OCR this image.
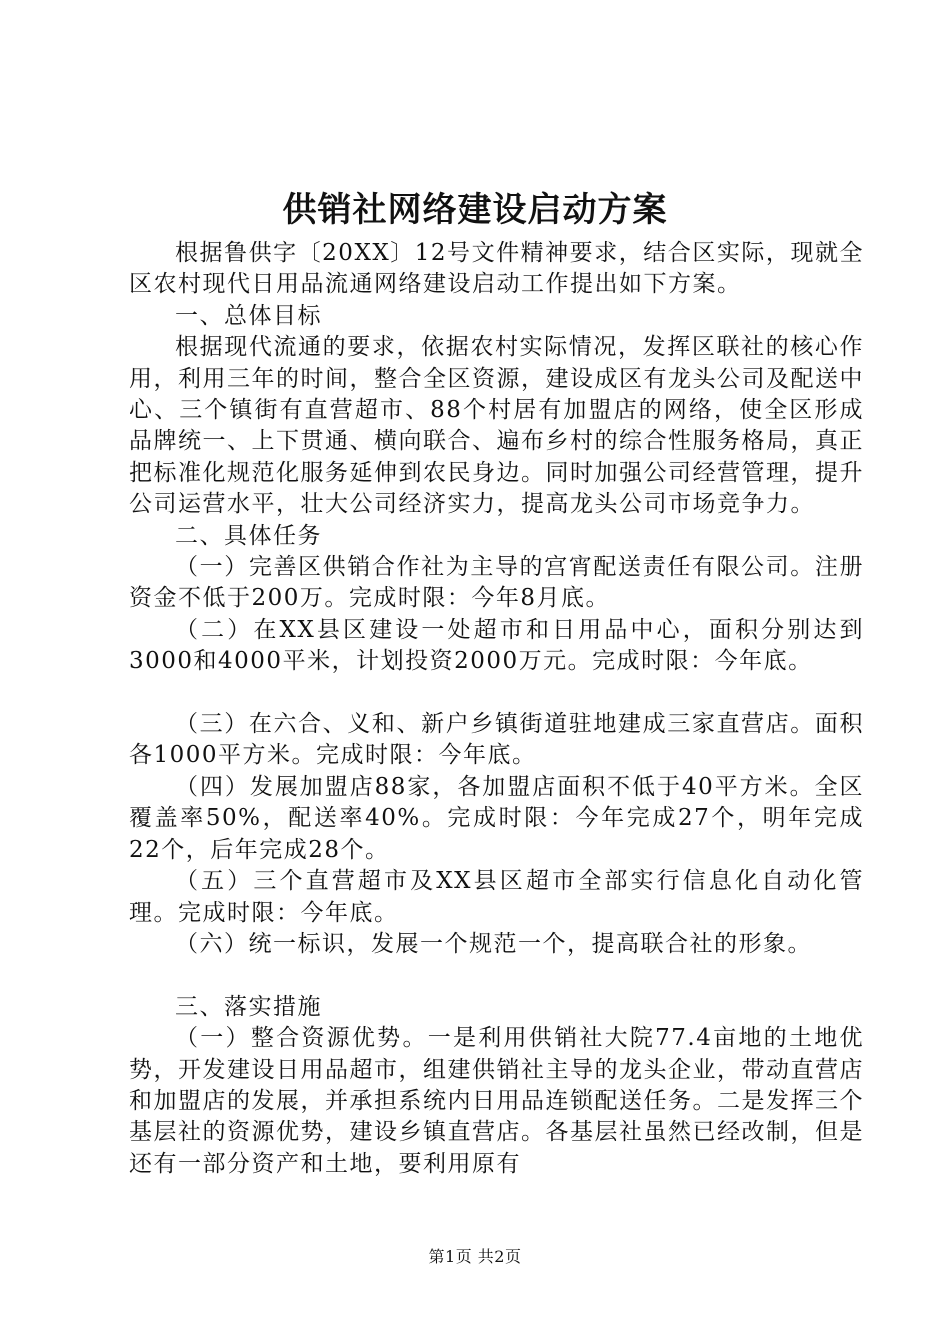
供销社网络建设启动方案

根据鲁供字〔20XX〕12号文件精神要求，结合区实际，现就全区农村现代日用品流通网络建设启动工作提出如下方案。

一、总体目标

根据现代流通的要求，依据农村实际情况，发挥区联社的核心作用，利用三年的时间，整合全区资源，建设成区有龙头公司及配送中心、三个镇街有直营超市、88个村居有加盟店的网络，使全区形成品牌统一、上下贯通、横向联合、遍布乡村的综合性服务格局，真正把标准化规范化服务延伸到农民身边。同时加强公司经营管理，提升公司运营水平，壮大公司经济实力，提高龙头公司市场竞争力。

二、具体任务

（一）完善区供销合作社为主导的宫宵配送责任有限公司。注册资金不低于200万。完成时限：今年8月底。

（二）在XX县区建设一处超市和日用品中心，面积分别达到3000和4000平米，计划投资2000万元。完成时限：今年底。

（三）在六合、义和、新户乡镇街道驻地建成三家直营店。面积各1000平方米。完成时限：今年底。

（四）发展加盟店88家，各加盟店面积不低于40平方米。全区覆盖率50%，配送率40%。完成时限：今年完成27个，明年完成22个，后年完成28个。

（五）三个直营超市及XX县区超市全部实行信息化自动化管理。完成时限：今年底。

（六）统一标识，发展一个规范一个，提高联合社的形象。

三、落实措施

（一）整合资源优势。一是利用供销社大院77.4亩地的土地优势，开发建设日用品超市，组建供销社主导的龙头企业，带动直营店和加盟店的发展，并承担系统内日用品连锁配送任务。二是发挥三个基层社的资源优势，建设乡镇直营店。各基层社虽然已经改制，但是还有一部分资产和土地，要利用原有

第1页 共2页
